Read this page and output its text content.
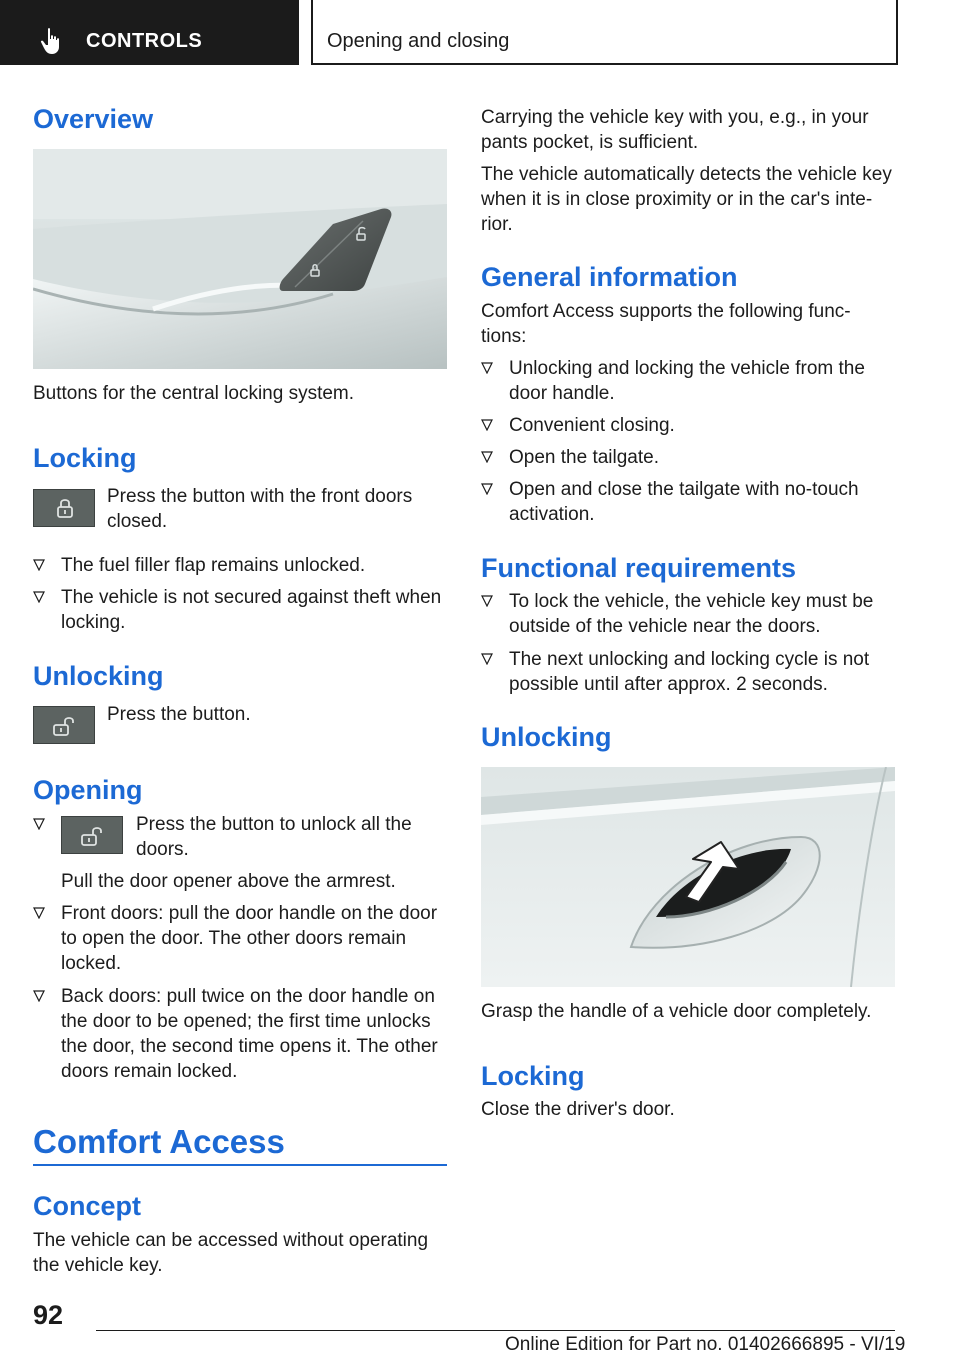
CONTROLS	Opening and closing
Overview
Buttons for the central locking system.
Locking
Press the button with the front doors
closed.
The fuel filler flap remains unlocked.
The vehicle is not secured against theft when
locking.
Unlocking
Press the button.
Opening
Press the button to unlock all the
doors.
Pull the door opener above the armrest.
Front doors: pull the door handle on the door
to open the door. The other doors remain
locked.
Back doors: pull twice on the door handle on
the door to be opened; the first time unlocks
the door, the second time opens it. The other
doors remain locked.
Comfort Access
Concept
The vehicle can be accessed without operating
the vehicle key.
Carrying the vehicle key with you, e.g., in your
pants pocket, is sufficient.
The vehicle automatically detects the vehicle key
when it is in close proximity or in the car's inte-
rior.
General information
Comfort Access supports the following func-
tions:
Unlocking and locking the vehicle from the
door handle.
Convenient closing.
Open the tailgate.
Open and close the tailgate with no-touch
activation.
Functional requirements
To lock the vehicle, the vehicle key must be
outside of the vehicle near the doors.
The next unlocking and locking cycle is not
possible until after approx. 2 seconds.
Unlocking
Grasp the handle of a vehicle door completely.
Locking
Close the driver's door.
92
Online Edition for Part no. 01402666895 - VI/19
